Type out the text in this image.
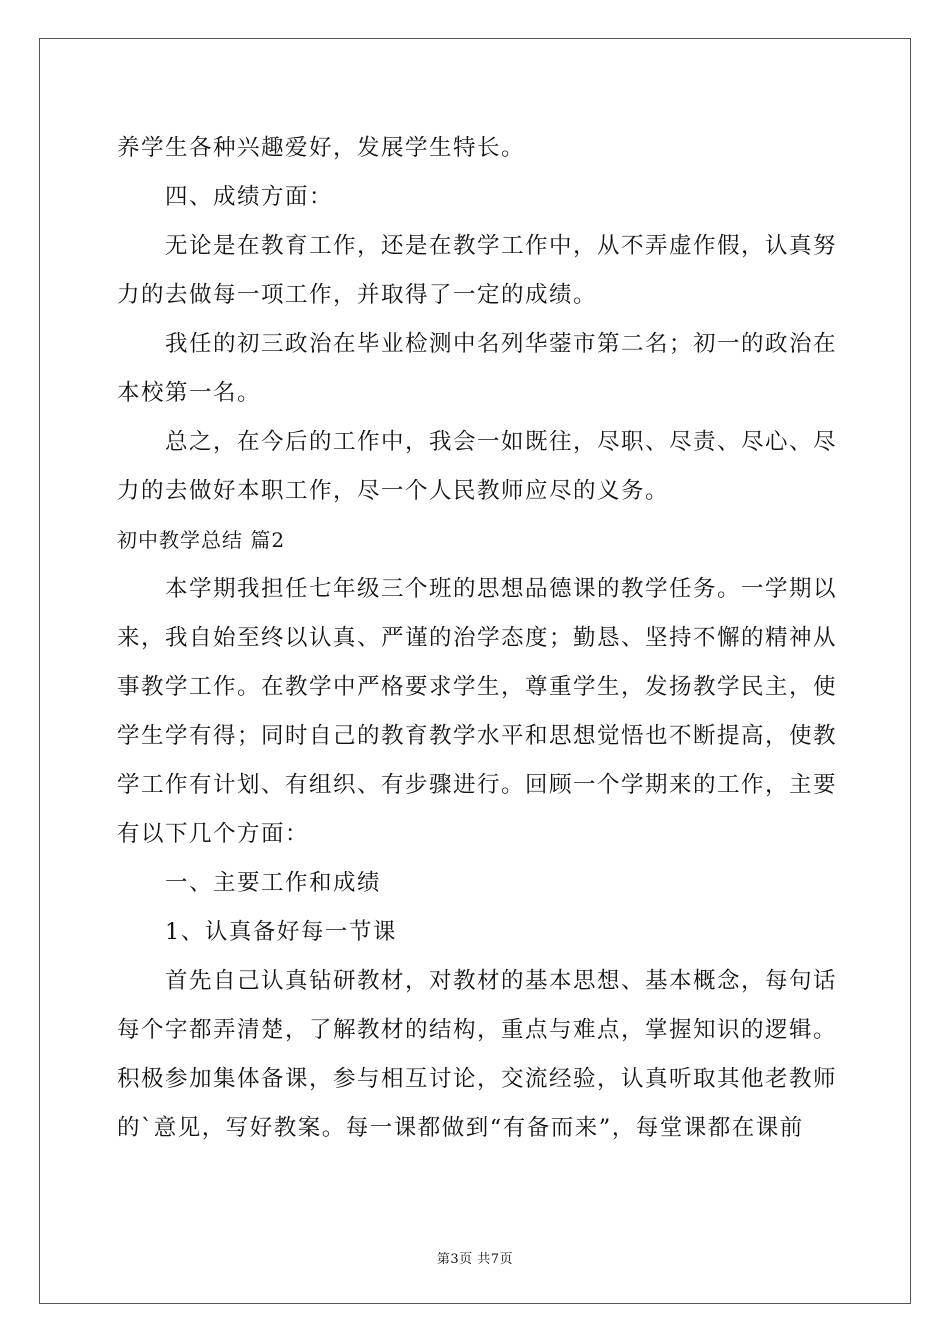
养学生各种兴趣爱好，发展学生特长。
四、成绩方面：
无论是在教育工作，还是在教学工作中，从不弄虚作假，认真努
力的去做每一项工作，并取得了一定的成绩。
我任的初三政治在毕业检测中名列华蓥市第二名；初一的政治在
本校第一名。
总之，在今后的工作中，我会一如既往，尽职、尽责、尽心、尽
力的去做好本职工作，尽一个人民教师应尽的义务。
初中教学总结 篇2
本学期我担任七年级三个班的思想品德课的教学任务。一学期以
来，我自始至终以认真、严谨的治学态度；勤恳、坚持不懈的精神从
事教学工作。在教学中严格要求学生，尊重学生，发扬教学民主，使
学生学有得；同时自己的教育教学水平和思想觉悟也不断提高，使教
学工作有计划、有组织、有步骤进行。回顾一个学期来的工作，主要
有以下几个方面：
一、主要工作和成绩
1、认真备好每一节课
首先自己认真钻研教材，对教材的基本思想、基本概念，每句话
每个字都弄清楚，了解教材的结构，重点与难点，掌握知识的逻辑。
积极参加集体备课，参与相互讨论，交流经验，认真听取其他老教师
的`意见，写好教案。每一课都做到“有备而来”，每堂课都在课前
第3页 共7页
